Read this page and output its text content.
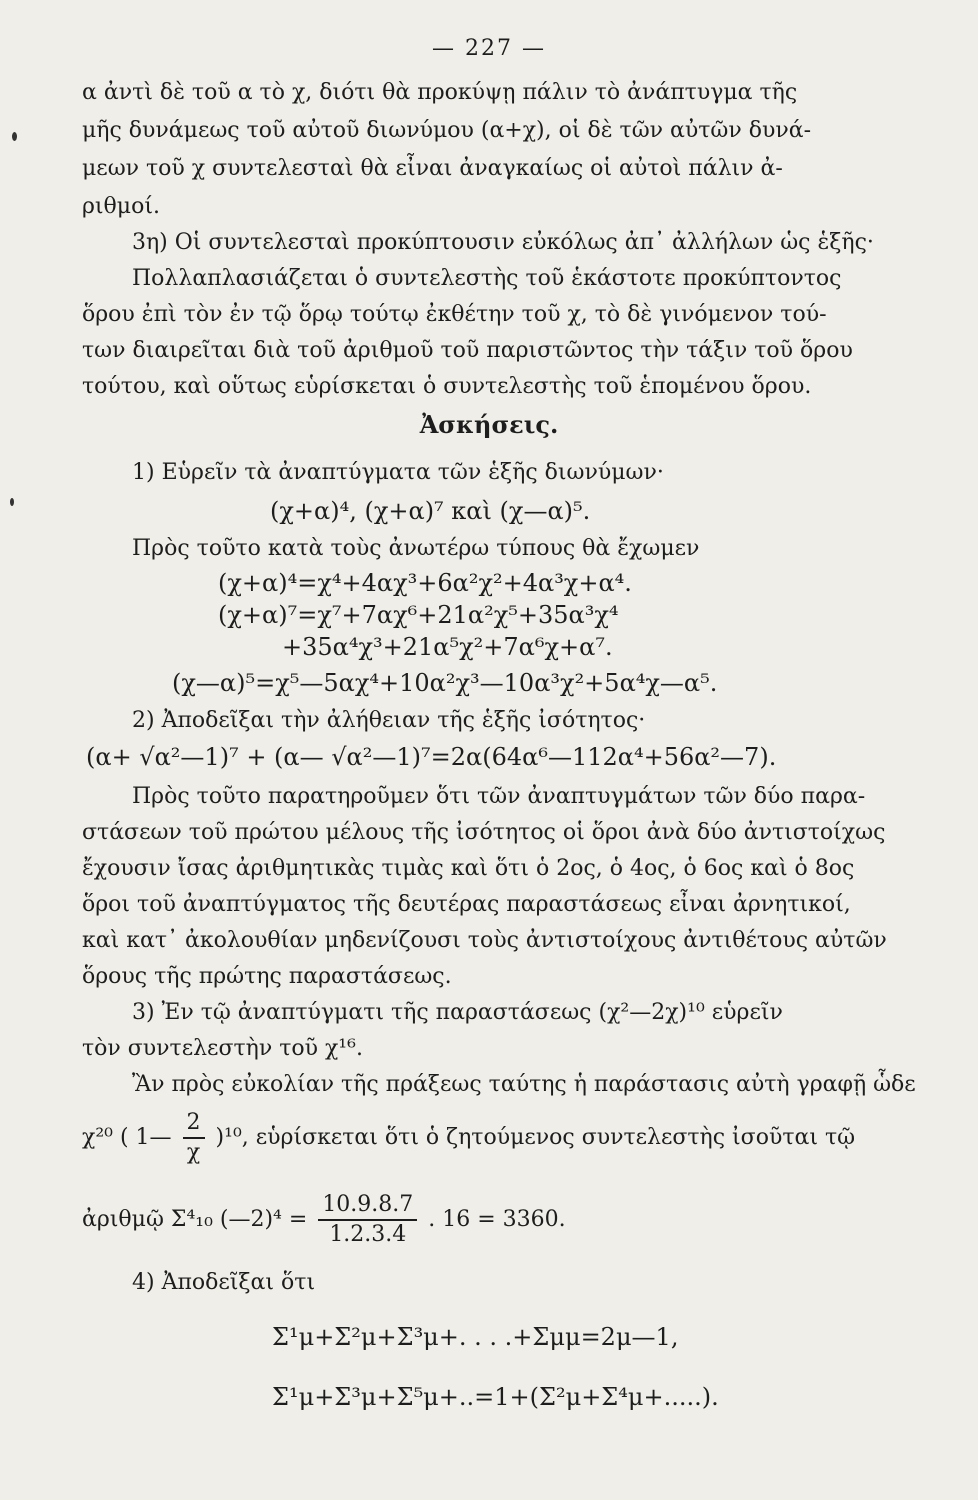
— 227 —
α ἀντὶ δὲ τοῦ α τὸ χ, διότι θὰ προκύψῃ πάλιν τὸ ἀνάπτυγμα τῆς
μῆς δυνάμεως τοῦ αὐτοῦ διωνύμου (α+χ), οἱ δὲ τῶν αὐτῶν δυνά-
μεων τοῦ χ συντελεσταὶ θὰ εἶναι ἀναγκαίως οἱ αὐτοὶ πάλιν ἀ-
ριθμοί.
3η) Οἱ συντελεσταὶ προκύπτουσιν εὐκόλως ἀπ᾽ ἀλλήλων ὡς ἑξῆς·
Πολλαπλασιάζεται ὁ συντελεστὴς τοῦ ἑκάστοτε προκύπτοντος
ὅρου ἐπὶ τὸν ἐν τῷ ὅρῳ τούτῳ ἐκθέτην τοῦ χ, τὸ δὲ γινόμενον τού-
των διαιρεῖται διὰ τοῦ ἀριθμοῦ τοῦ παριστῶντος τὴν τάξιν τοῦ ὅρου
τούτου, καὶ οὕτως εὑρίσκεται ὁ συντελεστὴς τοῦ ἑπομένου ὅρου.
Ἀσκήσεις.
1) Εὑρεῖν τὰ ἀναπτύγματα τῶν ἑξῆς διωνύμων·
(χ+α)⁴, (χ+α)⁷ καὶ (χ—α)⁵.
Πρὸς τοῦτο κατὰ τοὺς ἀνωτέρω τύπους θὰ ἔχωμεν
(χ+α)⁴=χ⁴+4αχ³+6α²χ²+4α³χ+α⁴.
(χ+α)⁷=χ⁷+7αχ⁶+21α²χ⁵+35α³χ⁴
+35α⁴χ³+21α⁵χ²+7α⁶χ+α⁷.
(χ—α)⁵=χ⁵—5αχ⁴+10α²χ³—10α³χ²+5α⁴χ—α⁵.
2) Ἀποδεῖξαι τὴν ἀλήθειαν τῆς ἑξῆς ἰσότητος·
(α+ √α²—1)⁷ + (α— √α²—1)⁷=2α(64α⁶—112α⁴+56α²—7).
Πρὸς τοῦτο παρατηροῦμεν ὅτι τῶν ἀναπτυγμάτων τῶν δύο παρα-
στάσεων τοῦ πρώτου μέλους τῆς ἰσότητος οἱ ὅροι ἀνὰ δύο ἀντιστοίχως
ἔχουσιν ἴσας ἀριθμητικὰς τιμὰς καὶ ὅτι ὁ 2ος, ὁ 4ος, ὁ 6ος καὶ ὁ 8ος
ὅροι τοῦ ἀναπτύγματος τῆς δευτέρας παραστάσεως εἶναι ἀρνητικοί,
καὶ κατ᾽ ἀκολουθίαν μηδενίζουσι τοὺς ἀντιστοίχους ἀντιθέτους αὐτῶν
ὅρους τῆς πρώτης παραστάσεως.
3) Ἐν τῷ ἀναπτύγματι τῆς παραστάσεως (χ²—2χ)¹⁰ εὑρεῖν
τὸν συντελεστὴν τοῦ χ¹⁶.
Ἂν πρὸς εὐκολίαν τῆς πράξεως ταύτης ἡ παράστασις αὐτὴ γραφῇ ὧδε
χ²⁰ ( 1— $\frac{2}{\chi} )^{10}$, εὑρίσκεται ὅτι ὁ ζητούμενος συντελεστὴς ἰσοῦται τῷ
ἀριθμῷ Σ⁴₁₀ (—2)⁴ = $\frac{10.9.8.7}{1.2.3.4}$ . 16 = 3360.
4) Ἀποδεῖξαι ὅτι
Σ¹μ+Σ²μ+Σ³μ+. . . .+Σμμ=2μ—1,
Σ¹μ+Σ³μ+Σ⁵μ+..=1+(Σ²μ+Σ⁴μ+.....).
